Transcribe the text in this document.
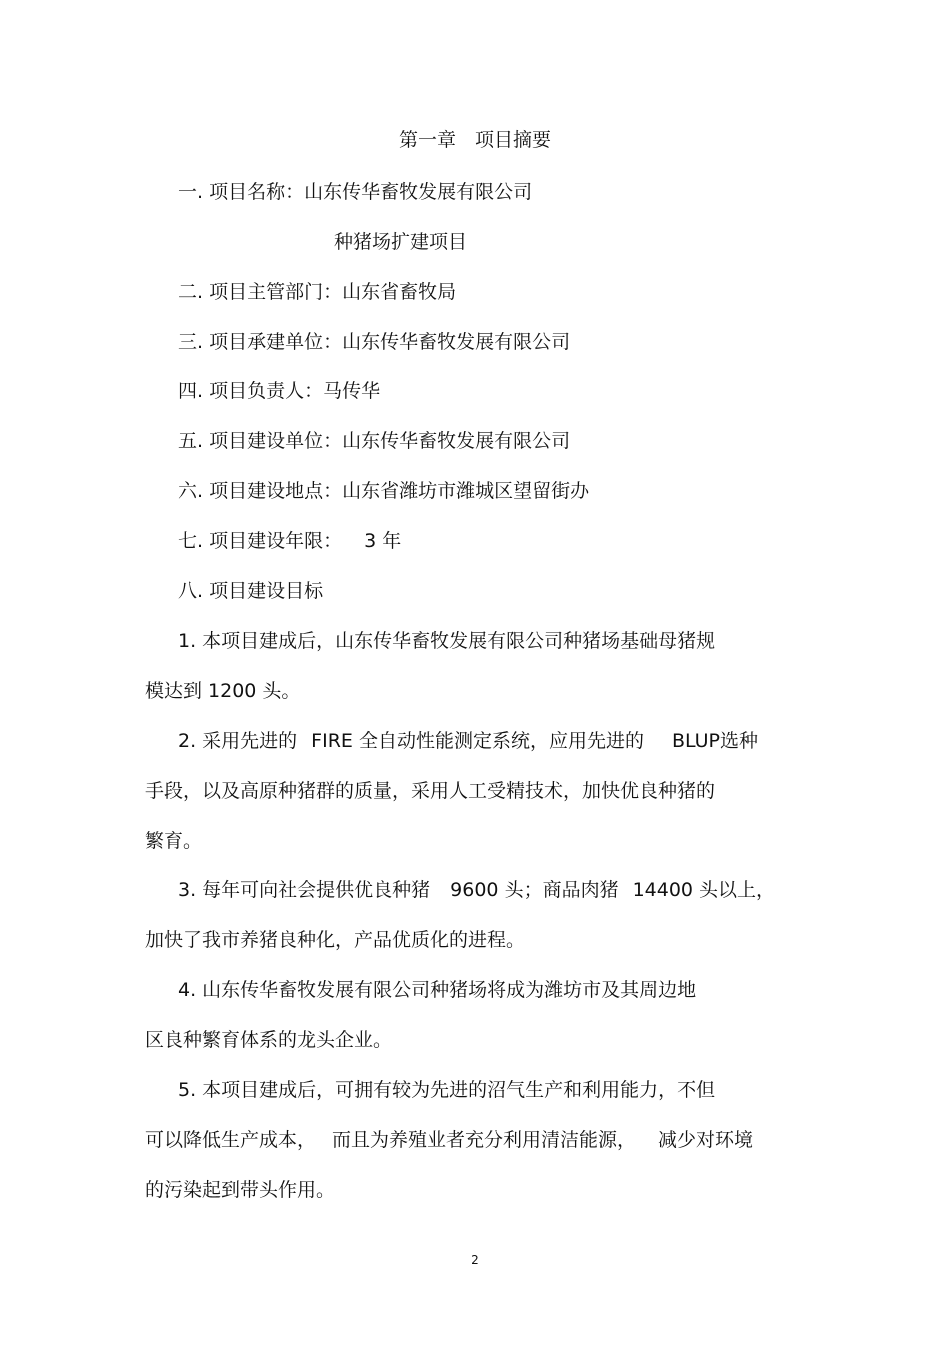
第一章　项目摘要
一. 项目名称：山东传华畜牧发展有限公司
种猪场扩建项目
二. 项目主管部门：山东省畜牧局
三. 项目承建单位：山东传华畜牧发展有限公司
四. 项目负责人：马传华
五. 项目建设单位：山东传华畜牧发展有限公司
六. 项目建设地点：山东省潍坊市潍城区望留街办
七. 项目建设年限： 3 年
八. 项目建设目标
1. 本项目建成后，山东传华畜牧发展有限公司种猪场基础母猪规
模达到 1200 头。
2. 采用先进的 FIRE 全自动性能测定系统，应用先进的 BLUP选种
手段，以及高原种猪群的质量，采用人工受精技术，加快优良种猪的
繁育。
3. 每年可向社会提供优良种猪 9600 头；商品肉猪 14400 头以上，
加快了我市养猪良种化，产品优质化的进程。
4. 山东传华畜牧发展有限公司种猪场将成为潍坊市及其周边地
区良种繁育体系的龙头企业。
5. 本项目建成后，可拥有较为先进的沼气生产和利用能力，不但
可以降低生产成本， 而且为养殖业者充分利用清洁能源， 减少对环境
的污染起到带头作用。
2
